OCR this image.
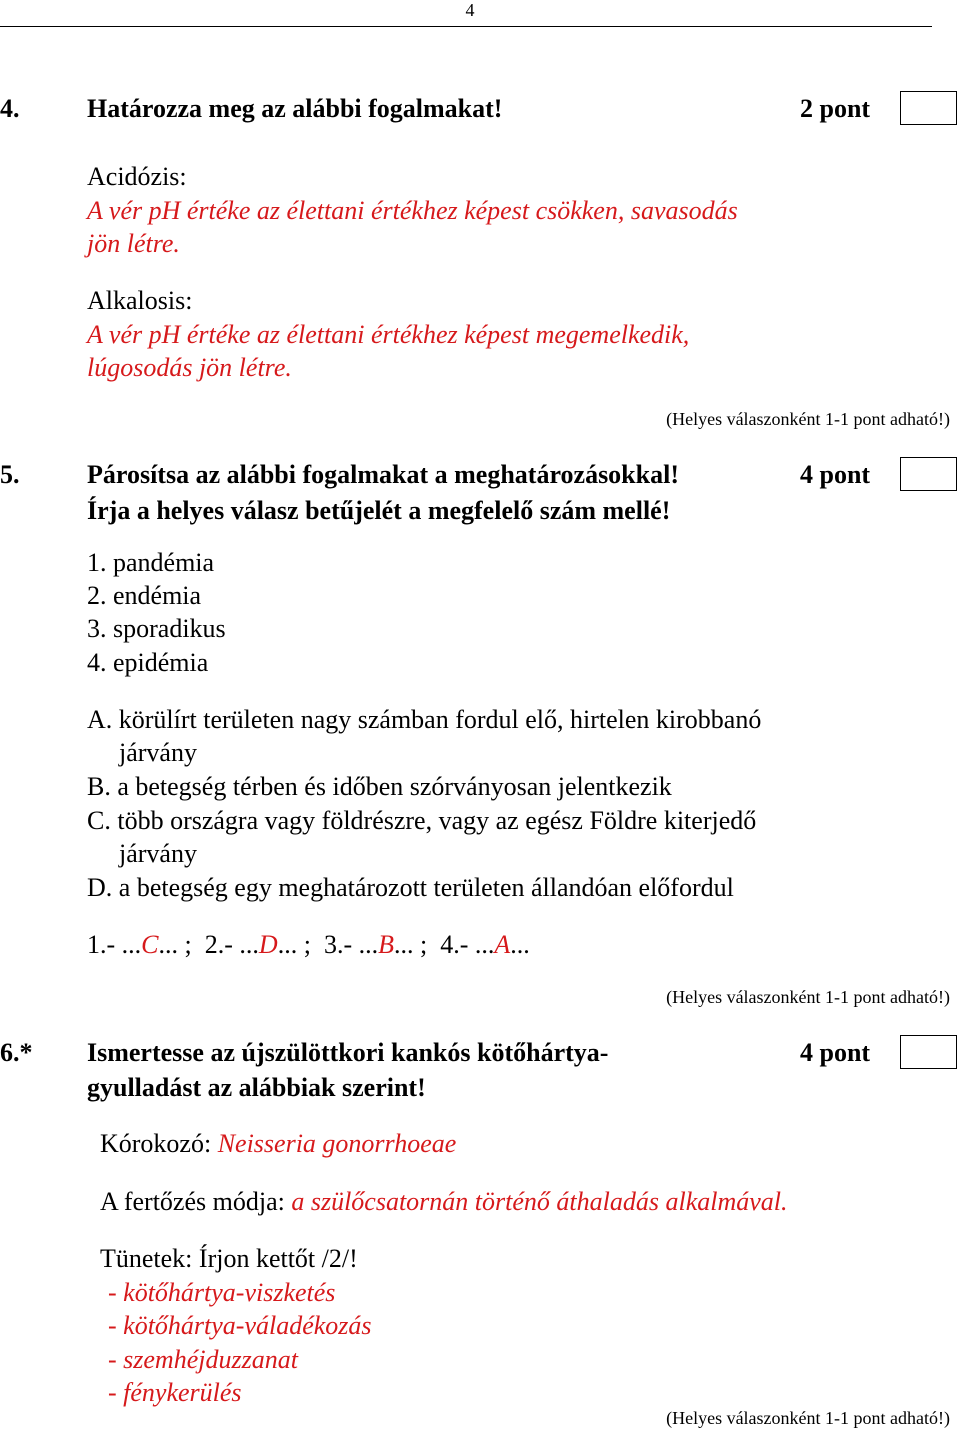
4
4.	Határozza meg az alábbi fogalmakat!	2 pont
Acidózis:
A vér pH értéke az élettani értékhez képest csökken, savasodás
jön létre.
Alkalosis:
A vér pH értéke az élettani értékhez képest megemelkedik,
lúgosodás jön létre.
(Helyes válaszonként 1-1 pont adható!)
5.	Párosítsa az alábbi fogalmakat a meghatározásokkal!	4 pont
Írja a helyes válasz betűjelét a megfelelő szám mellé!
1. pandémia
2. endémia
3. sporadikus
4. epidémia
A. körülírt területen nagy számban fordul elő, hirtelen kirobbanó
járvány
B. a betegség térben és időben szórványosan jelentkezik
C. több országra vagy földrészre, vagy az egész Földre kiterjedő
járvány
D. a betegség egy meghatározott területen állandóan előfordul
1.- ...C... ; 2.- ...D... ; 3.- ...B... ; 4.- ...A...
(Helyes válaszonként 1-1 pont adható!)
6.* Ismertesse az újszülöttkori kankós kötőhártya-
gyulladást az alábbiak szerint!
4 pont
Kórokozó: Neisseria gonorrhoeae
A fertőzés módja: a szülőcsatornán történő áthaladás alkalmával.
Tünetek: Írjon kettőt /2/!
- kötőhártya-viszketés
- kötőhártya-váladékozás
- szemhéjduzzanat
- fénykerülés
(Helyes válaszonként 1-1 pont adható!)
